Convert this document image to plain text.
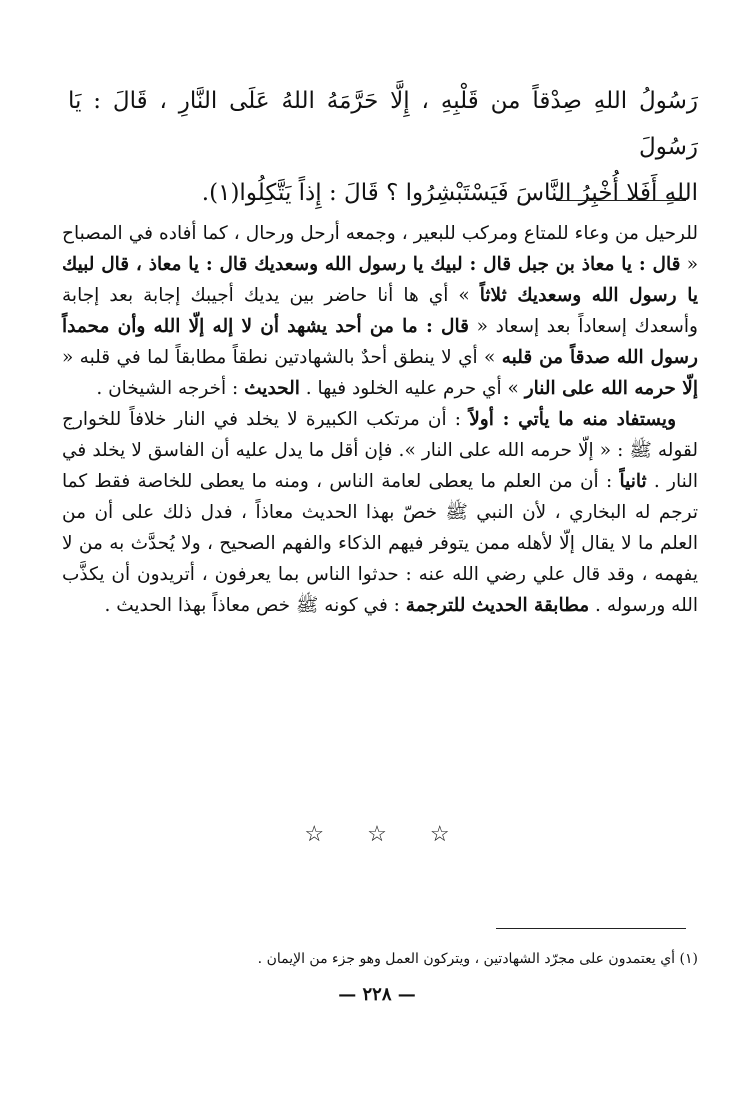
رَسُولُ اللهِ صِدْقاً من قَلْبِهِ ، إِلَّا حَرَّمَهُ اللهُ عَلَى النَّارِ ، قَالَ : يَا رَسُولَ

اللهِ أَفَلا أُخْبِرُ النَّاسَ فَيَسْتَبْشِرُوا ؟ قَالَ : إِذاً يَتَّكِلُوا(١).

للرحيل من وعاء للمتاع ومركب للبعير ، وجمعه أرحل ورحال ، كما أفاده في المصباح « قال : يا معاذ بن جبل قال : لبيك يا رسول الله وسعديك قال : يا معاذ ، قال لبيك يا رسول الله وسعديك ثلاثاً » أي ها أنا حاضر بين يديك أجيبك إجابة بعد إجابة وأسعدك إسعاداً بعد إسعاد « قال : ما من أحد يشهد أن لا إله إلّا الله وأن محمداً رسول الله صدقاً من قلبه » أي لا ينطق أحدٌ بالشهادتين نطقاً مطابقاً لما في قلبه « إلّا حرمه الله على النار » أي حرم عليه الخلود فيها . الحديث : أخرجه الشيخان .

ويستفاد منه ما يأتي : أولاً : أن مرتكب الكبيرة لا يخلد في النار خلافاً للخوارج لقوله ﷺ : « إلّا حرمه الله على النار ». فإن أقل ما يدل عليه أن الفاسق لا يخلد في النار . ثانياً : أن من العلم ما يعطى لعامة الناس ، ومنه ما يعطى للخاصة فقط كما ترجم له البخاري ، لأن النبي ﷺ خصّ بهذا الحديث معاذاً ، فدل ذلك على أن من العلم ما لا يقال إلّا لأهله ممن يتوفر فيهم الذكاء والفهم الصحيح ، ولا يُحدَّث به من لا يفهمه ، وقد قال علي رضي الله عنه : حدثوا الناس بما يعرفون ، أتريدون أن يكذَّب الله ورسوله . مطابقة الحديث للترجمة : في كونه ﷺ خص معاذاً بهذا الحديث .

☆ ☆ ☆

(١) أي يعتمدون على مجرّد الشهادتين ، ويتركون العمل وهو جزء من الإيمان .

— ٢٢٨ —
